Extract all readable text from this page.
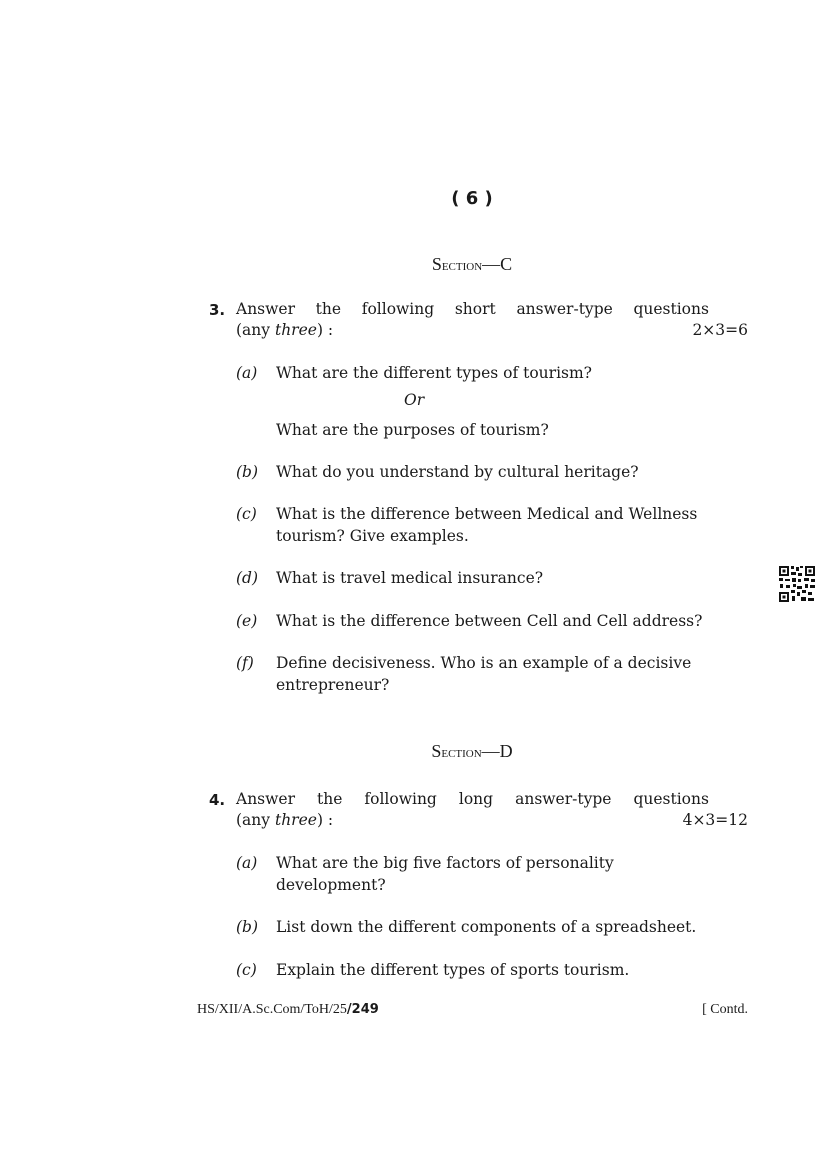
( 6 )
Section—C
3. Answer the following short answer-type questions
(any three) :	2×3=6
(a) What are the different types of tourism?
Or
What are the purposes of tourism?
(b) What do you understand by cultural heritage?
(c) What is the difference between Medical and Wellness tourism? Give examples.
(d) What is travel medical insurance?
(e) What is the difference between Cell and Cell address?
(f) Define decisiveness. Who is an example of a decisive entrepreneur?
Section—D
4. Answer the following long answer-type questions
(any three) :	4×3=12
(a) What are the big five factors of personality development?
(b) List down the different components of a spreadsheet.
(c) Explain the different types of sports tourism.
HS/XII/A.Sc.Com/ToH/25/249	[ Contd.
